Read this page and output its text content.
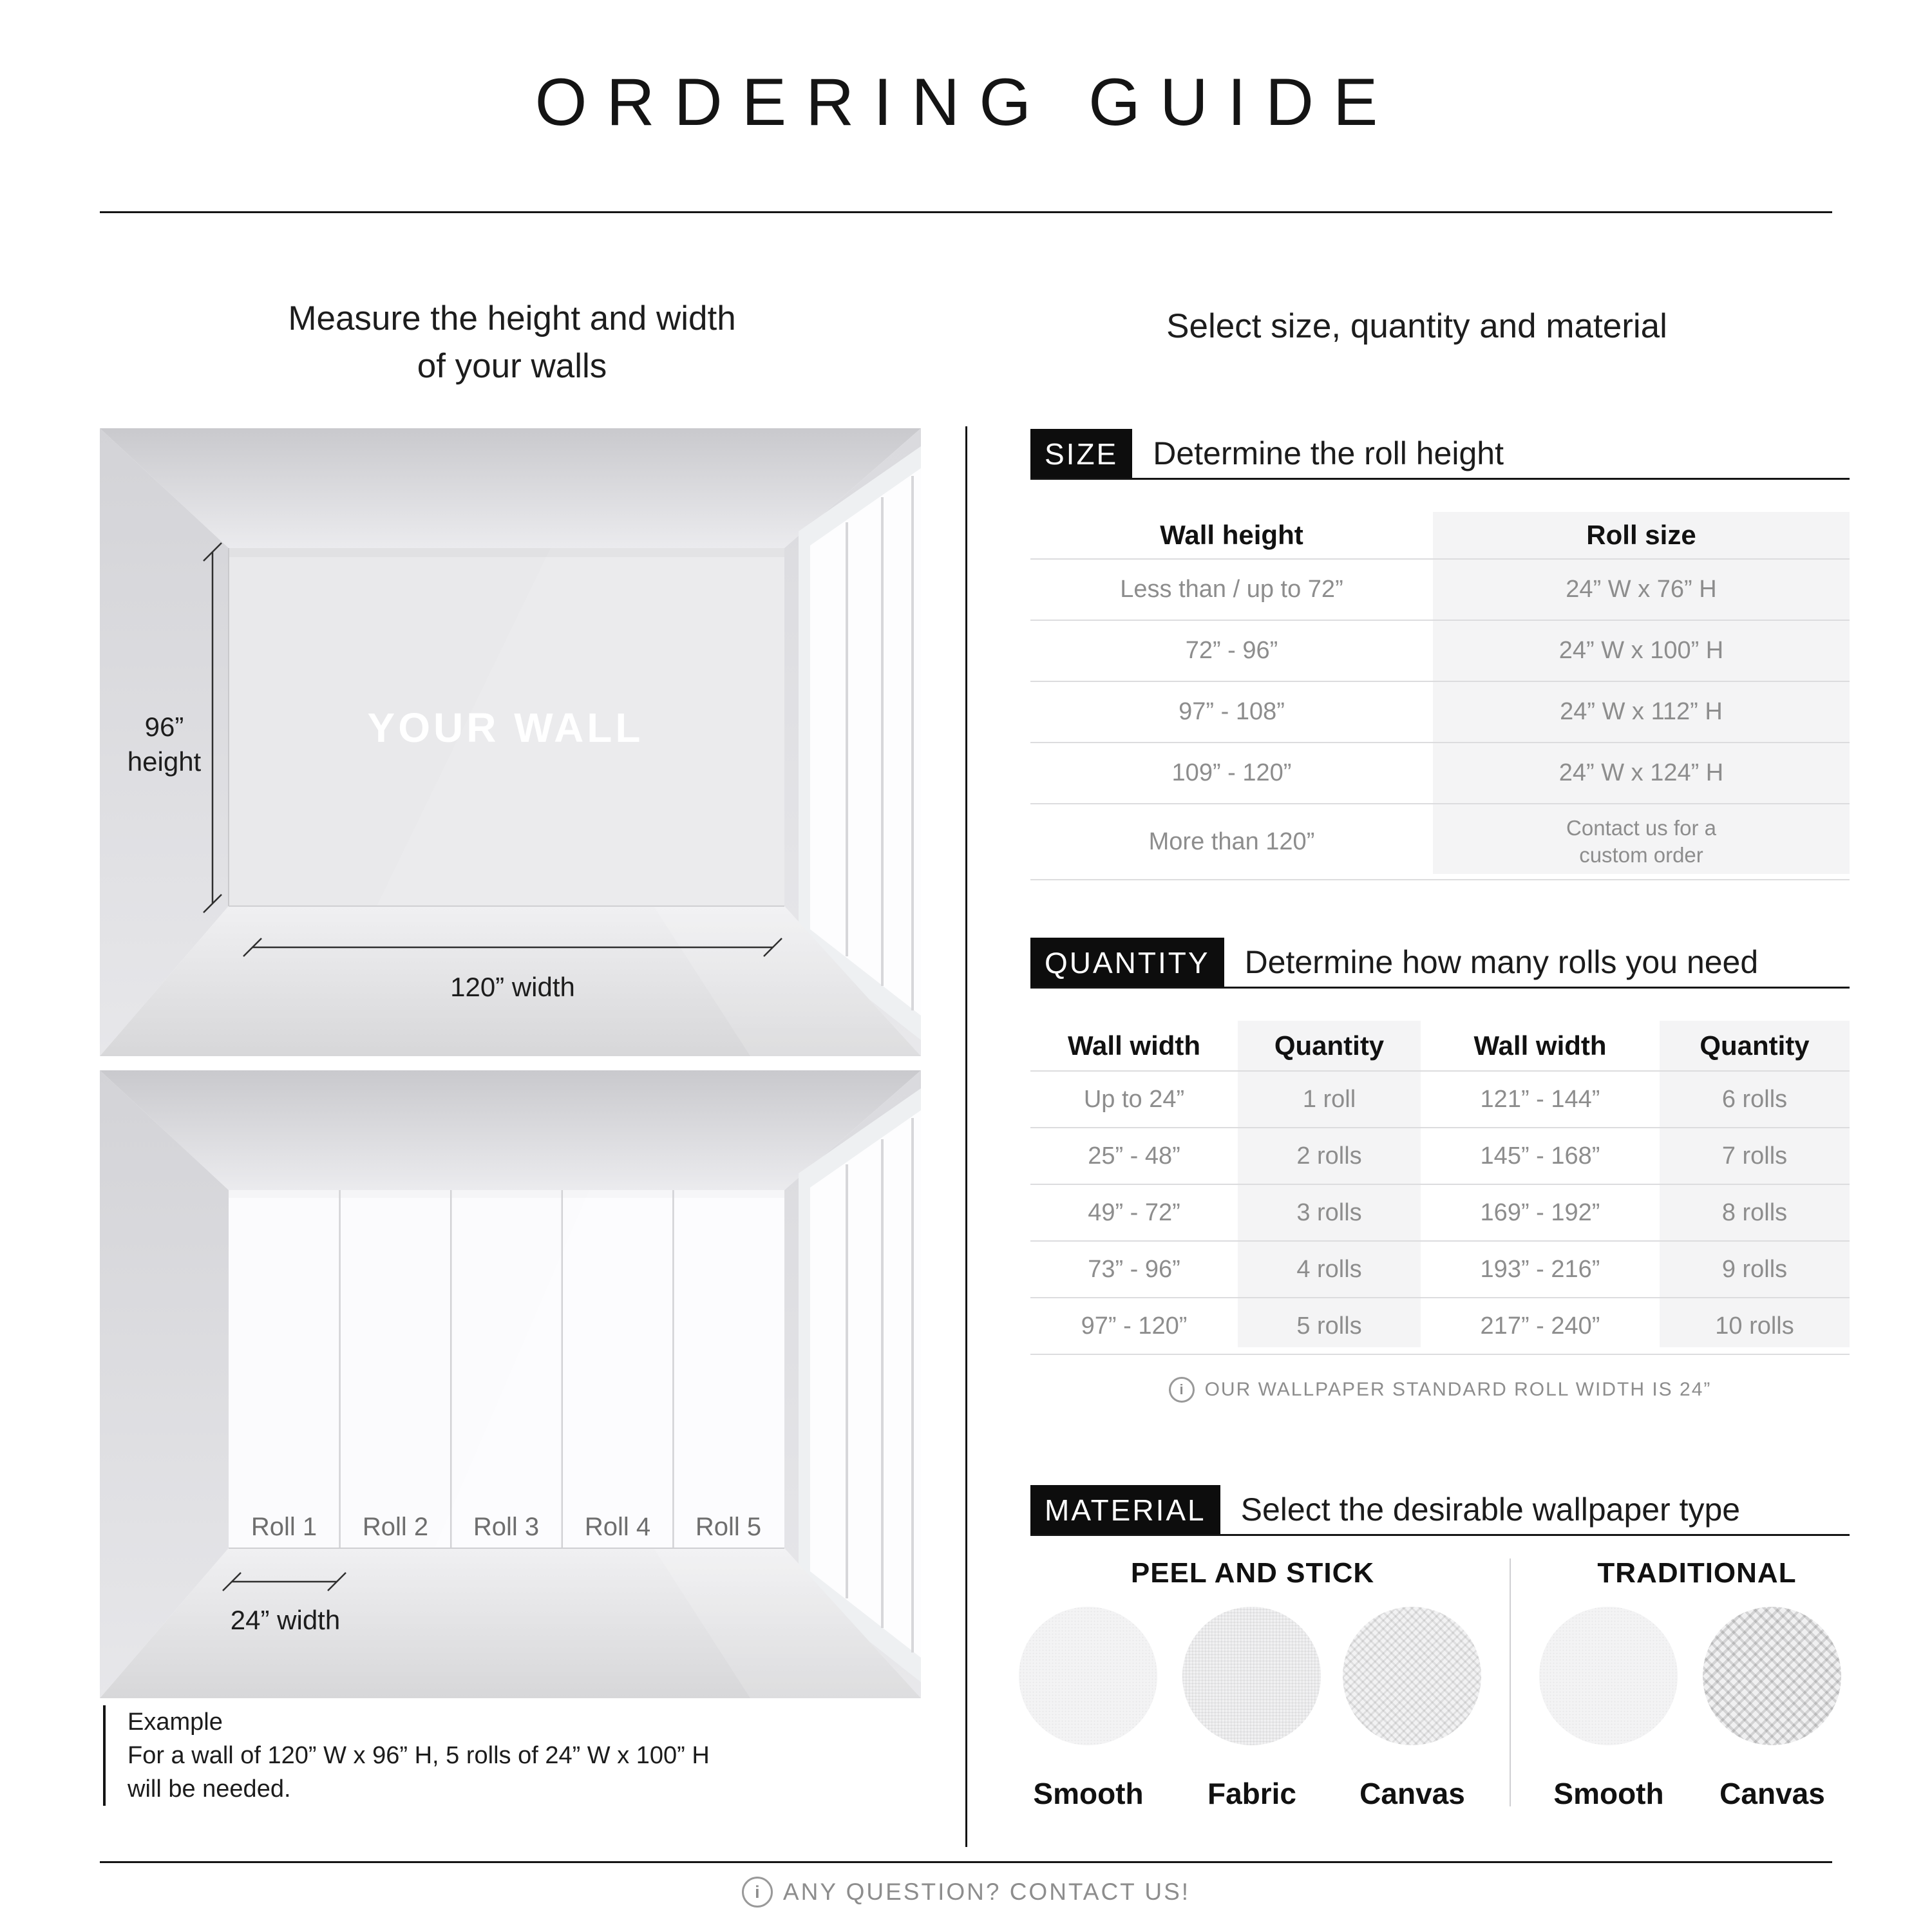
ORDERING GUIDE
Measure the height and width
of your walls
Select size, quantity and material
96”
height
YOUR WALL
120” width
Roll 1 Roll 2 Roll 3 Roll 4 Roll 5
24” width
Example
For a wall of 120” W x 96” H, 5 rolls of 24” W x 100” H
will be needed.
SIZE	Determine the roll height
Wall height	Roll size
Less than / up to 72”	24” W x 76” H
72” - 96”	24” W x 100” H
97” - 108”	24” W x 112” H
109” - 120”	24” W x 124” H
More than 120”	Contact us for a custom order
QUANTITY	Determine how many rolls you need
Wall width	Quantity	Wall width	Quantity
Up to 24”	1 roll	121” - 144”	6 rolls
25” - 48”	2 rolls	145” - 168”	7 rolls
49” - 72”	3 rolls	169” - 192”	8 rolls
73” - 96”	4 rolls	193” - 216”	9 rolls
97” - 120”	5 rolls	217” - 240”	10 rolls
i	OUR WALLPAPER STANDARD ROLL WIDTH IS 24”
MATERIAL	Select the desirable wallpaper type
PEEL AND STICK	TRADITIONAL
Smooth	Fabric	Canvas	Smooth	Canvas
i ANY QUESTION? CONTACT US!
